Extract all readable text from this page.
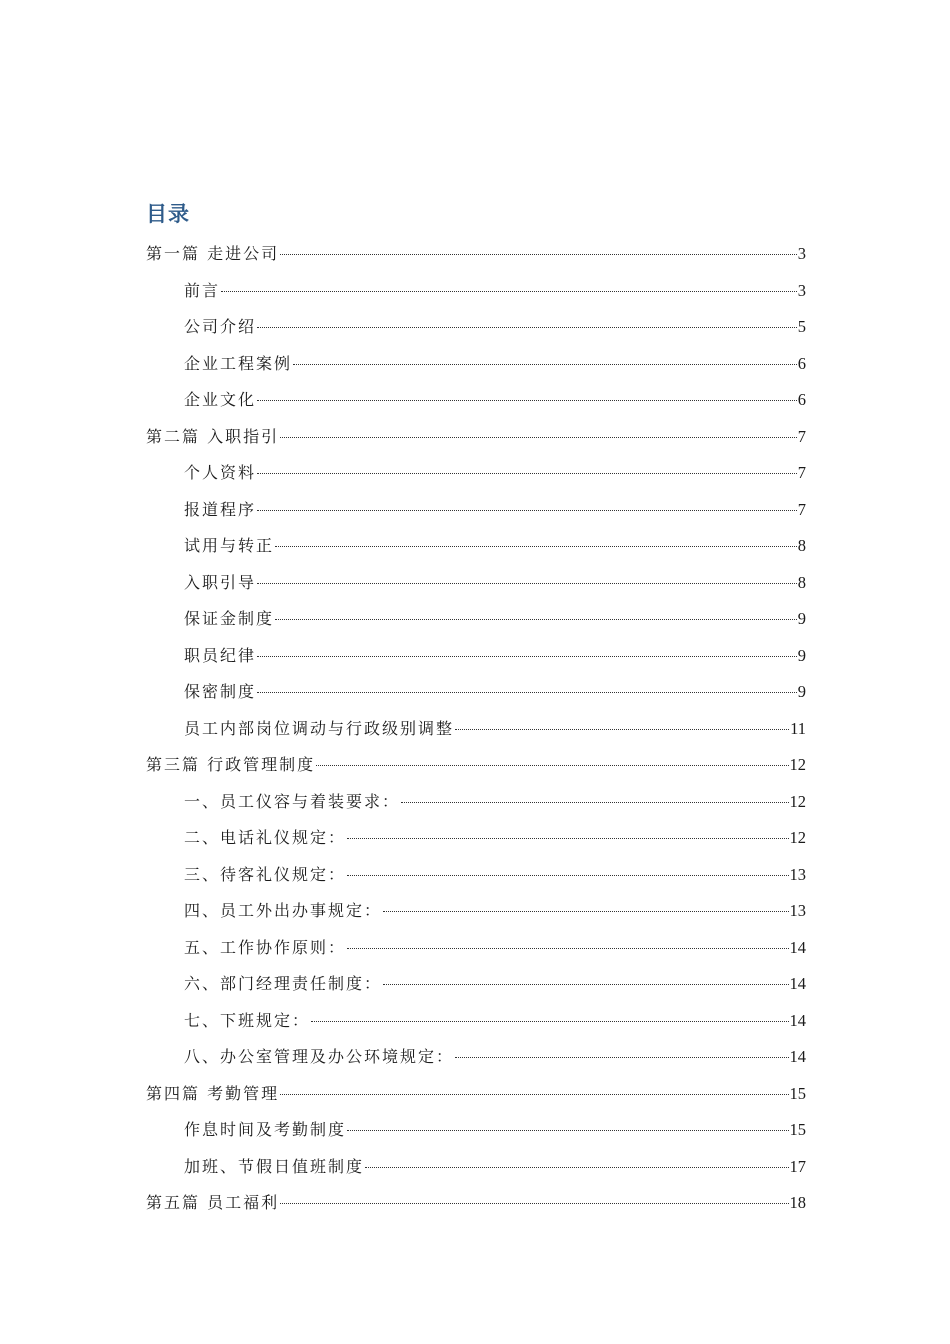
目录
第一篇 走进公司	3
前言	3
公司介绍	5
企业工程案例	6
企业文化	6
第二篇 入职指引	7
个人资料	7
报道程序	7
试用与转正	8
入职引导	8
保证金制度	9
职员纪律	9
保密制度	9
员工内部岗位调动与行政级别调整	11
第三篇 行政管理制度	12
一、员工仪容与着装要求：	12
二、电话礼仪规定：	12
三、待客礼仪规定：	13
四、员工外出办事规定：	13
五、工作协作原则：	14
六、部门经理责任制度：	14
七、下班规定：	14
八、办公室管理及办公环境规定：	14
第四篇 考勤管理	15
作息时间及考勤制度	15
加班、节假日值班制度	17
第五篇 员工福利	18
